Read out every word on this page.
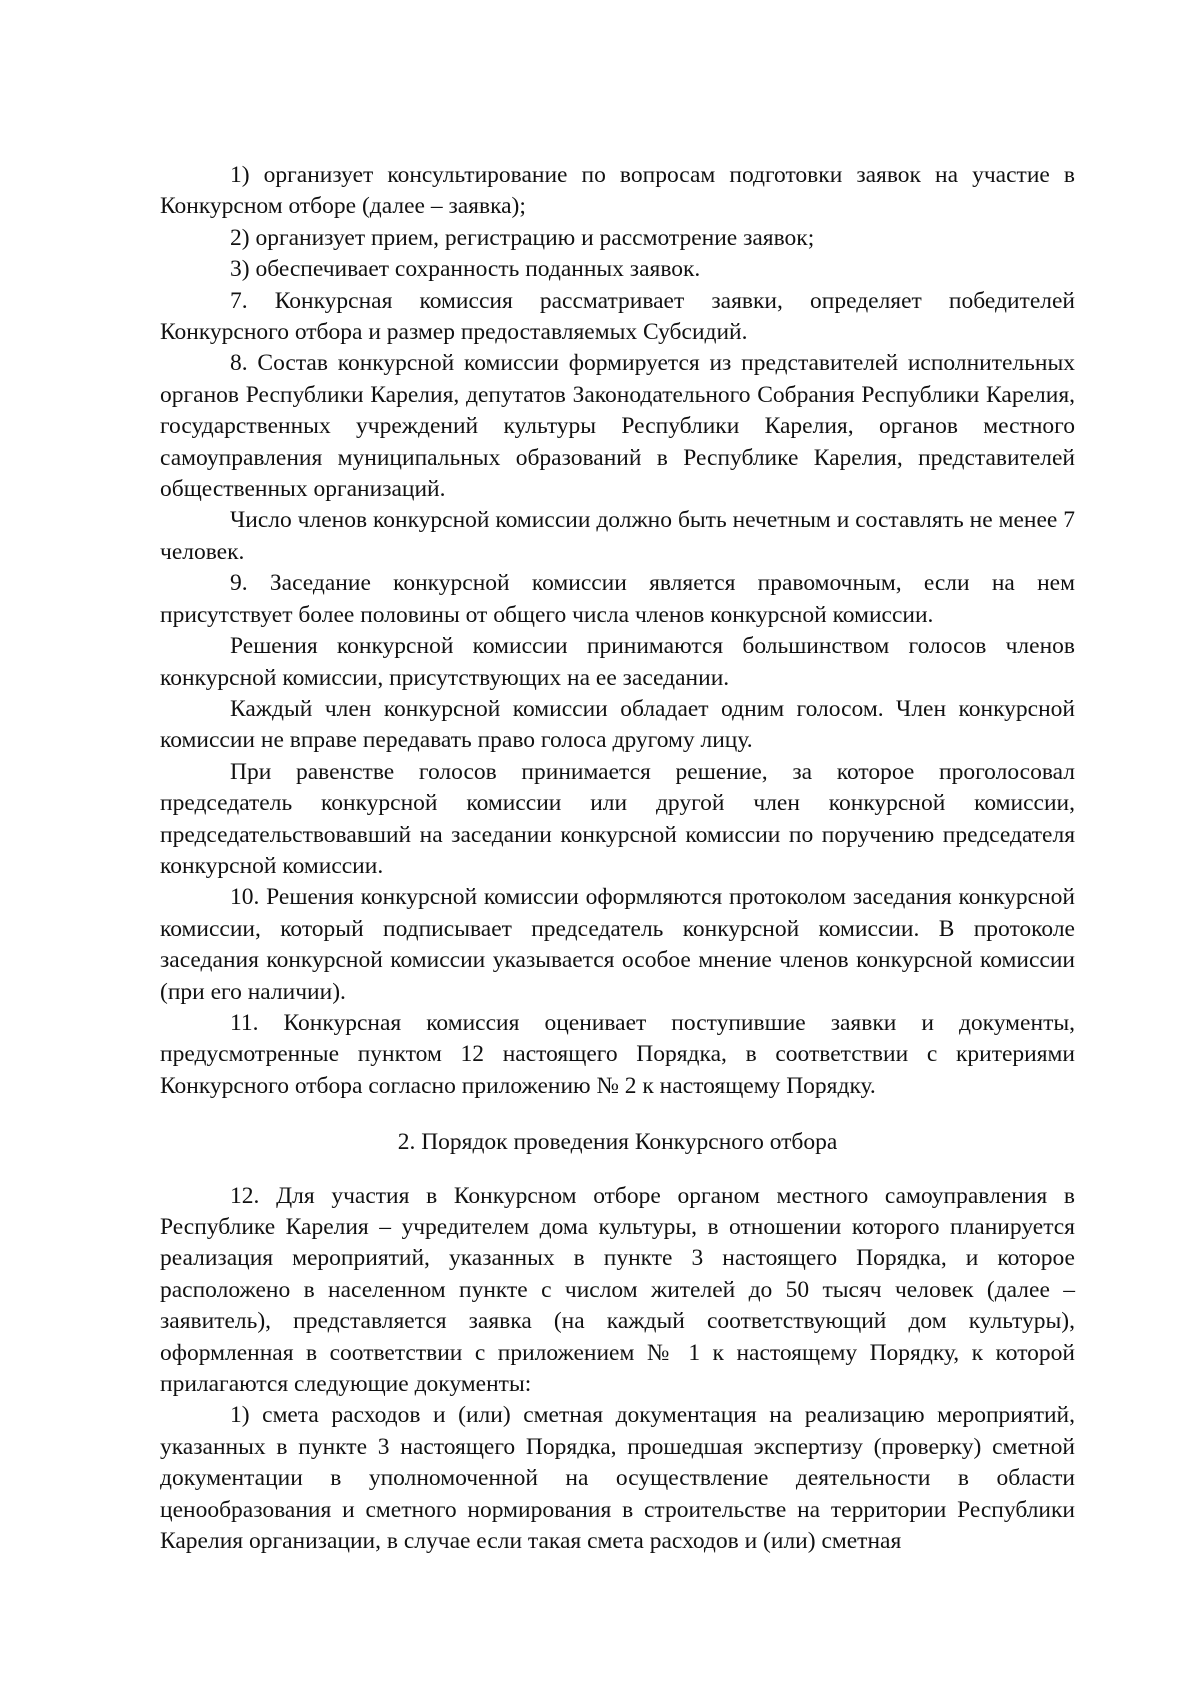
1) организует консультирование по вопросам подготовки заявок на участие в Конкурсном отборе (далее – заявка);

2) организует прием, регистрацию и рассмотрение заявок;

3) обеспечивает сохранность поданных заявок.

7. Конкурсная комиссия рассматривает заявки, определяет победителей Конкурсного отбора и размер предоставляемых Субсидий.

8. Состав конкурсной комиссии формируется из представителей исполнительных органов Республики Карелия, депутатов Законодательного Собрания Республики Карелия, государственных учреждений культуры Республики Карелия, органов местного самоуправления муниципальных образований в Республике Карелия, представителей общественных организаций.

Число членов конкурсной комиссии должно быть нечетным и составлять не менее 7 человек.

9. Заседание конкурсной комиссии является правомочным, если на нем присутствует более половины от общего числа членов конкурсной комиссии.

Решения конкурсной комиссии принимаются большинством голосов членов конкурсной комиссии, присутствующих на ее заседании.

Каждый член конкурсной комиссии обладает одним голосом. Член конкурсной комиссии не вправе передавать право голоса другому лицу.

При равенстве голосов принимается решение, за которое проголосовал председатель конкурсной комиссии или другой член конкурсной комиссии, председательствовавший на заседании конкурсной комиссии по поручению председателя конкурсной комиссии.

10. Решения конкурсной комиссии оформляются протоколом заседания конкурсной комиссии, который подписывает председатель конкурсной комиссии. В протоколе заседания конкурсной комиссии указывается особое мнение членов конкурсной комиссии (при его наличии).

11. Конкурсная комиссия оценивает поступившие заявки и документы, предусмотренные пунктом 12 настоящего Порядка, в соответствии с критериями Конкурсного отбора согласно приложению № 2 к настоящему Порядку.

2. Порядок проведения Конкурсного отбора

12. Для участия в Конкурсном отборе органом местного самоуправления в Республике Карелия – учредителем дома культуры, в отношении которого планируется реализация мероприятий, указанных в пункте 3 настоящего Порядка, и которое расположено в населенном пункте с числом жителей до 50 тысяч человек (далее – заявитель), представляется заявка (на каждый соответствующий дом культуры), оформленная в соответствии с приложением № 1 к настоящему Порядку, к которой прилагаются следующие документы:

1) смета расходов и (или) сметная документация на реализацию мероприятий, указанных в пункте 3 настоящего Порядка, прошедшая экспертизу (проверку) сметной документации в уполномоченной на осуществление деятельности в области ценообразования и сметного нормирования в строительстве на территории Республики Карелия организации, в случае если такая смета расходов и (или) сметная
